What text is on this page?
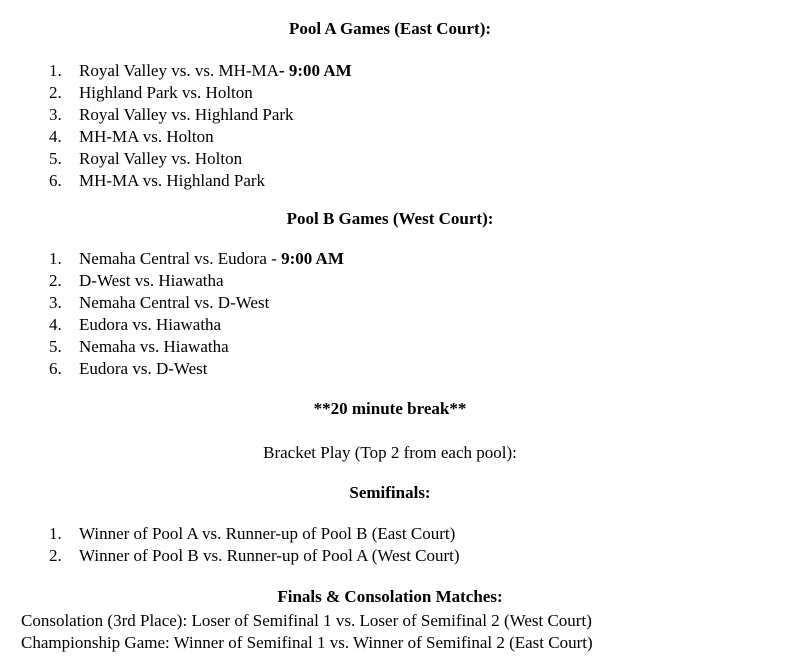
Pool A Games (East Court):
1.	Royal Valley vs. vs. MH-MA- 9:00 AM
2.	Highland Park vs. Holton
3.	Royal Valley vs. Highland Park
4.	MH-MA vs. Holton
5.	Royal Valley vs. Holton
6.	MH-MA vs. Highland Park
Pool B Games (West Court):
1.	Nemaha Central vs. Eudora - 9:00 AM
2.	D-West vs. Hiawatha
3.	Nemaha Central vs. D-West
4.	Eudora vs. Hiawatha
5.	Nemaha vs. Hiawatha
6.	Eudora vs. D-West
**20 minute break**
Bracket Play (Top 2 from each pool):
Semifinals:
1.	Winner of Pool A vs. Runner-up of Pool B (East Court)
2.	Winner of Pool B vs. Runner-up of Pool A (West Court)
Finals & Consolation Matches:
Consolation (3rd Place): Loser of Semifinal 1 vs. Loser of Semifinal 2 (West Court)
Championship Game: Winner of Semifinal 1 vs. Winner of Semifinal 2 (East Court)
